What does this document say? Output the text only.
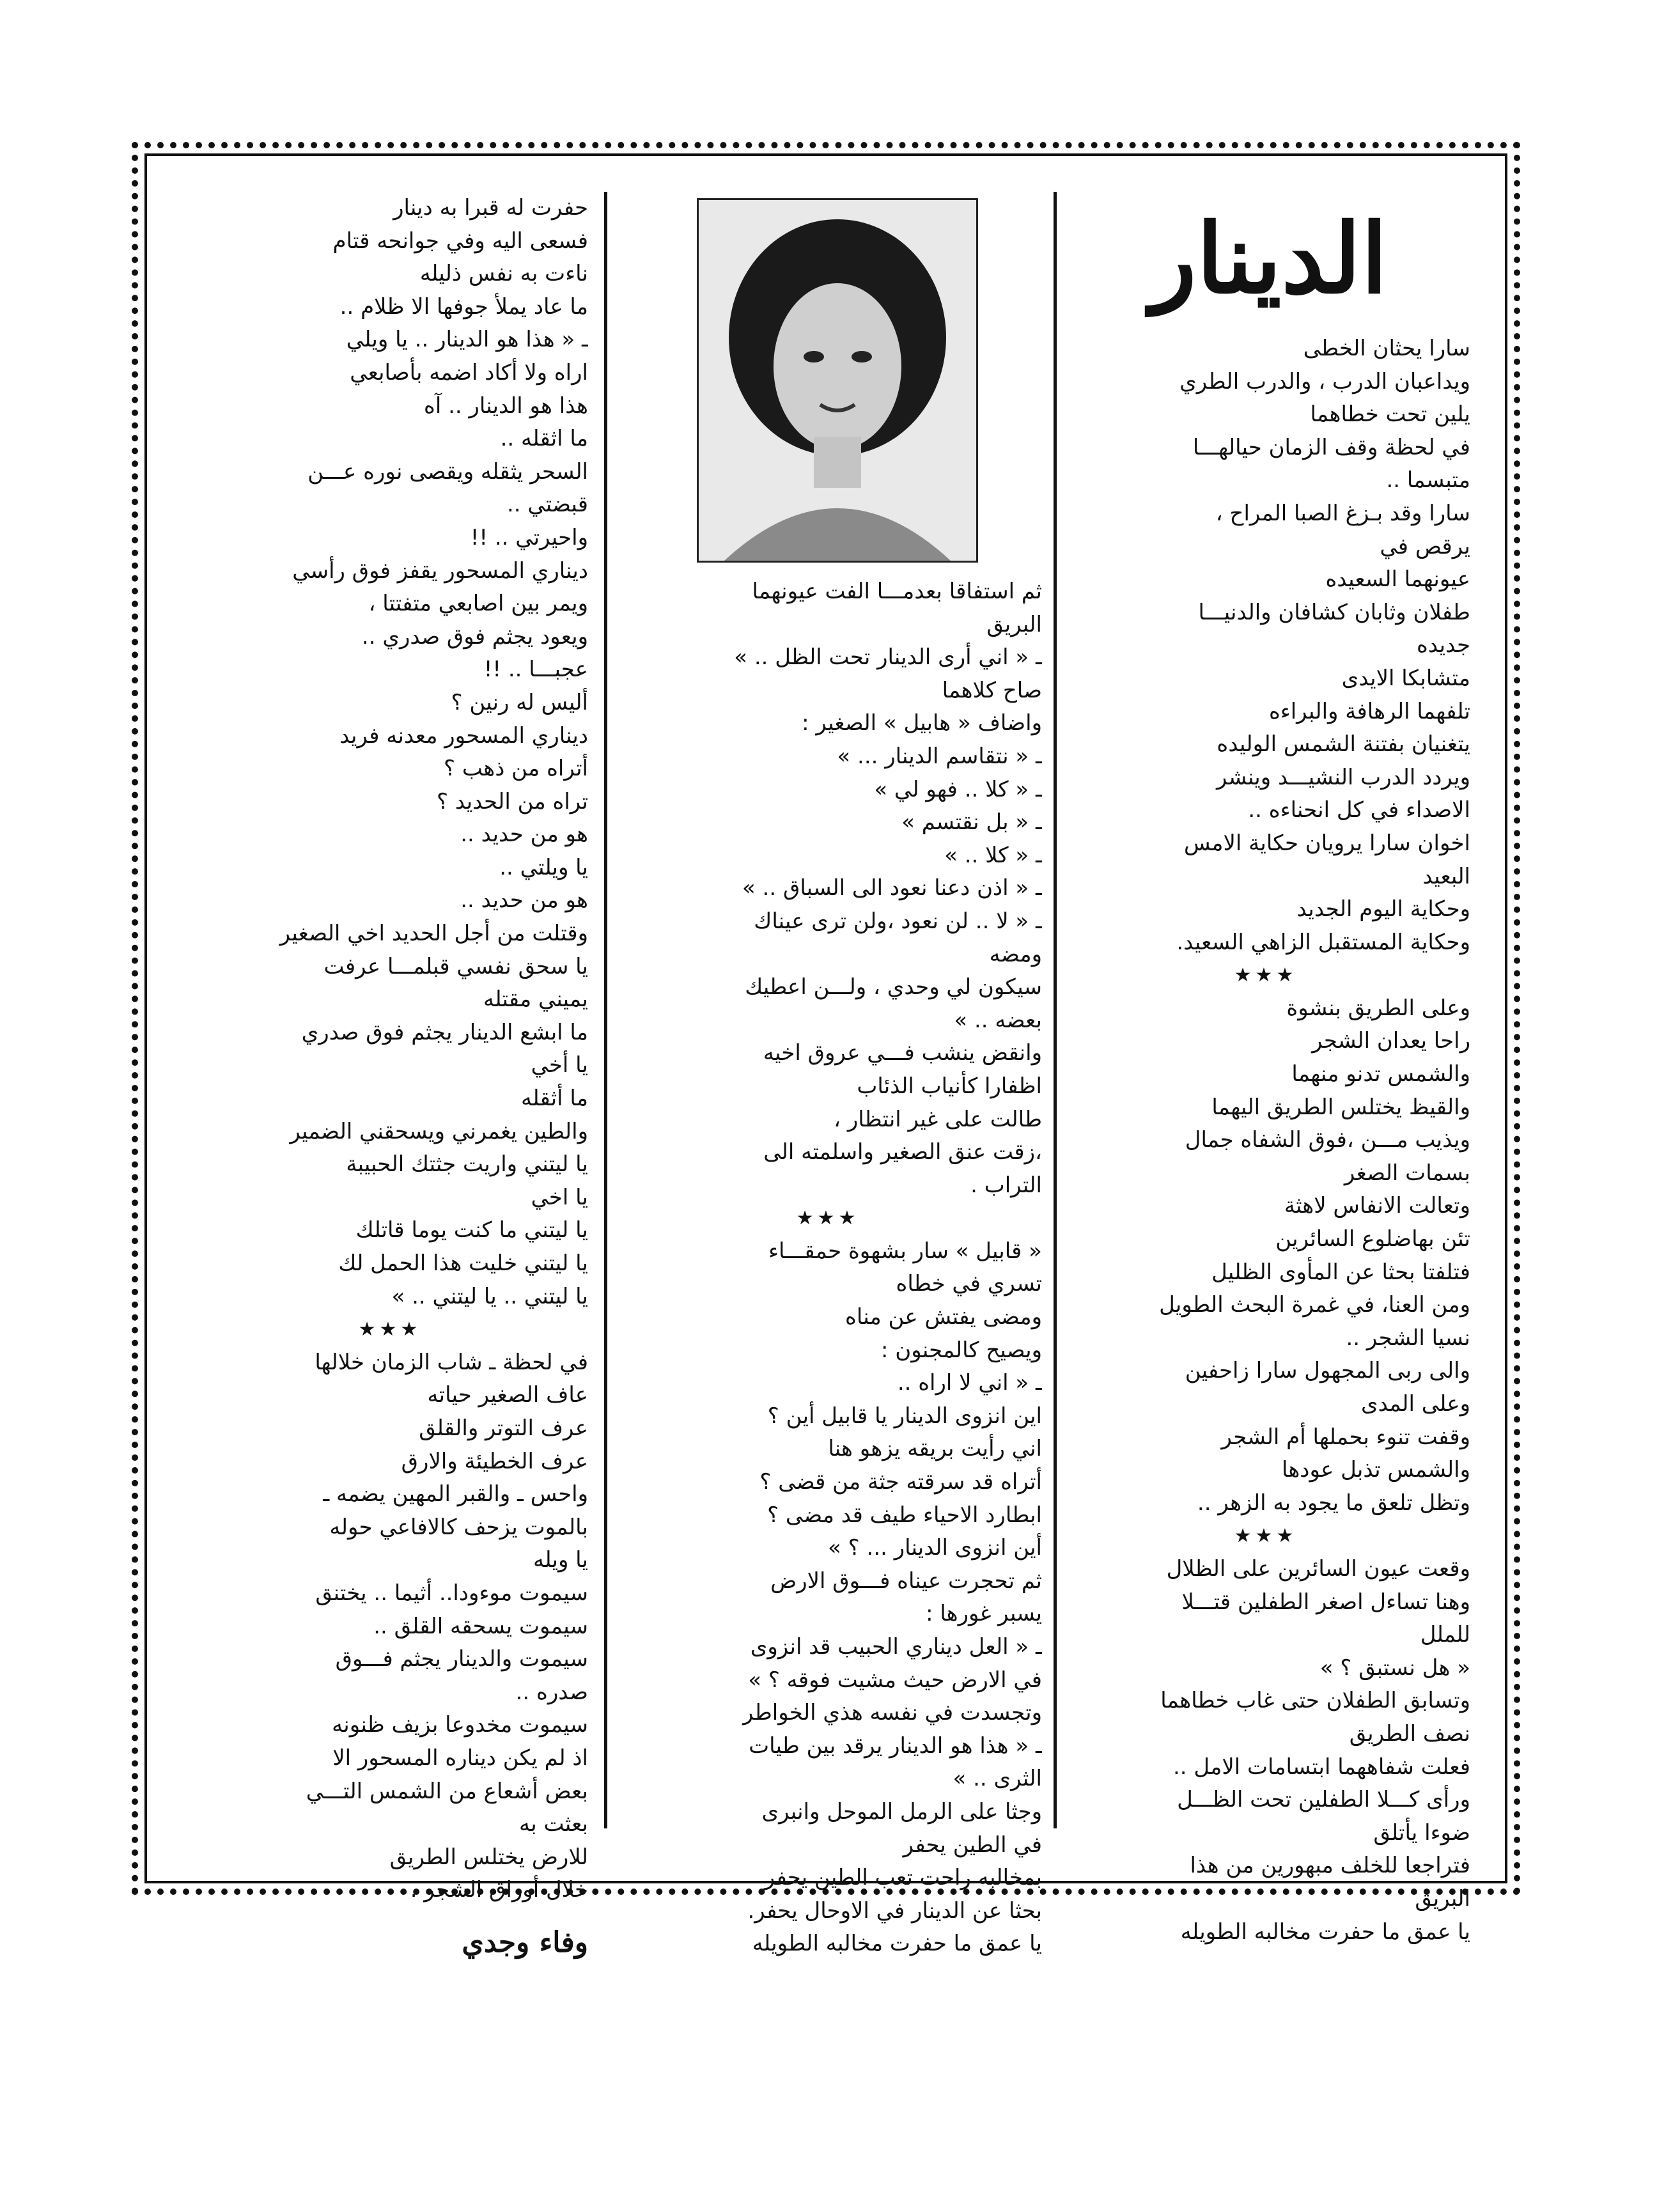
الدينار
سارا يحثان الخطى
ويداعبان الدرب ، والدرب الطري
يلين تحت خطاهما
في لحظة وقف الزمان حيالهـــا
متبسما ..
سارا وقد بـزغ الصبا المراح ،
يرقص في
عيونهما السعيده
طفلان وثابان كشافان والدنيـــا
جديده
متشابكا الايدى
تلفهما الرهافة والبراءه
يتغنيان بفتنة الشمس الوليده
ويردد الدرب النشيـــد وينشر
الاصداء في كل انحناءه ..
اخوان سارا يرويان حكاية الامس
البعيد
وحكاية اليوم الجديد
وحكاية المستقبل الزاهي السعيد.
★★★
وعلى الطريق بنشوة
راحا يعدان الشجر
والشمس تدنو منهما
والقيظ يختلس الطريق اليهما
ويذيب مـــن ،فوق الشفاه جمال
بسمات الصغر
وتعالت الانفاس لاهثة
تئن بهاضلوع السائرين
فتلفتا بحثا عن المأوى الظليل
ومن العنا، في غمرة البحث الطويل
نسيا الشجر ..
والى ربى المجهول سارا زاحفين
وعلى المدى
وقفت تنوء بحملها أم الشجر
والشمس تذبل عودها
وتظل تلعق ما يجود به الزهر ..
★★★
وقعت عيون السائرين على الظلال
وهنا تساءل اصغر الطفلين قتـــلا
للملل
« هل نستبق ؟ »
وتسابق الطفلان حتى غاب خطاهما
نصف الطريق
فعلت شفاههما ابتسامات الامل ..
ورأى كـــلا الطفلين تحت الظـــل
ضوءا يأتلق
فتراجعا للخلف مبهورين من هذا
البريق
يا عمق ما حفرت مخالبه الطويله
ثم استفاقا بعدمـــا الفت عيونهما
البريق
ـ « اني أرى الدينار تحت الظل .. »
صاح كلاهما
واضاف « هابيل » الصغير :
ـ « نتقاسم الدينار ... »
ـ « كلا .. فهو لي »
ـ « بل نقتسم »
ـ « كلا .. »
ـ « اذن دعنا نعود الى السباق .. »
ـ « لا .. لن نعود ،ولن ترى عيناك
ومضه
سيكون لي وحدي ، ولـــن اعطيك
بعضه .. »
وانقض ينشب فـــي عروق اخيه
اظفارا كأنياب الذئاب
طالت على غير انتظار ،
،زقت عنق الصغير واسلمته الى
التراب .
★★★
« قابيل » سار بشهوة حمقـــاء
تسري في خطاه
ومضى يفتش عن مناه
ويصيح كالمجنون :
ـ « اني لا اراه ..
اين انزوى الدينار يا قابيل أين ؟
اني رأيت بريقه يزهو هنا
أتراه قد سرقته جثة من قضى ؟
ابطارد الاحياء طيف قد مضى ؟
أين انزوى الدينار ... ؟ »
ثم تحجرت عيناه فـــوق الارض
يسبر غورها :
ـ « العل ديناري الحبيب قد انزوى
في الارض حيث مشيت فوقه ؟ »
وتجسدت في نفسه هذي الخواطر
ـ « هذا هو الدينار يرقد بين طيات
الثرى .. »
وجثا على الرمل الموحل وانبرى
في الطين يحفر
بمخالبه راحت تعب الطين يحفر
بحثا عن الدينار في الاوحال يحفر.
يا عمق ما حفرت مخالبه الطويله
حفرت له قبرا به دينار
فسعى اليه وفي جوانحه قتام
ناءت به نفس ذليله
ما عاد يملأ جوفها الا ظلام ..
ـ « هذا هو الدينار .. يا ويلي
اراه ولا أكاد اضمه بأصابعي
هذا هو الدينار .. آه
ما اثقله ..
السحر يثقله ويقصى نوره عـــن
قبضتي ..
واحيرتي .. !!
ديناري المسحور يقفز فوق رأسي
ويمر بين اصابعي متفتتا ،
ويعود يجثم فوق صدري ..
عجبـــا .. !!
أليس له رنين ؟
ديناري المسحور معدنه فريد
أتراه من ذهب ؟
تراه من الحديد ؟
هو من حديد ..
يا ويلتي ..
هو من حديد ..
وقتلت من أجل الحديد اخي الصغير
يا سحق نفسي قبلمـــا عرفت
يميني مقتله
ما ابشع الدينار يجثم فوق صدري
يا أخي
ما أثقله
والطين يغمرني ويسحقني الضمير
يا ليتني واريت جثتك الحبيبة
يا اخي
يا ليتني ما كنت يوما قاتلك
يا ليتني خليت هذا الحمل لك
يا ليتني .. يا ليتني .. »
★★★
في لحظة ـ شاب الزمان خلالها
عاف الصغير حياته
عرف التوتر والقلق
عرف الخطيئة والارق
واحس ـ والقبر المهين يضمه ـ
بالموت يزحف كالافاعي حوله
يا ويله
سيموت موءودا.. أثيما .. يختنق
سيموت يسحقه القلق ..
سيموت والدينار يجثم فـــوق
صدره ..
سيموت مخدوعا بزيف ظنونه
اذ لم يكن ديناره المسحور الا
بعض أشعاع من الشمس التـــي
بعثت به
للارض يختلس الطريق
خلال أوراق الشجر .
وفاء وجدي
